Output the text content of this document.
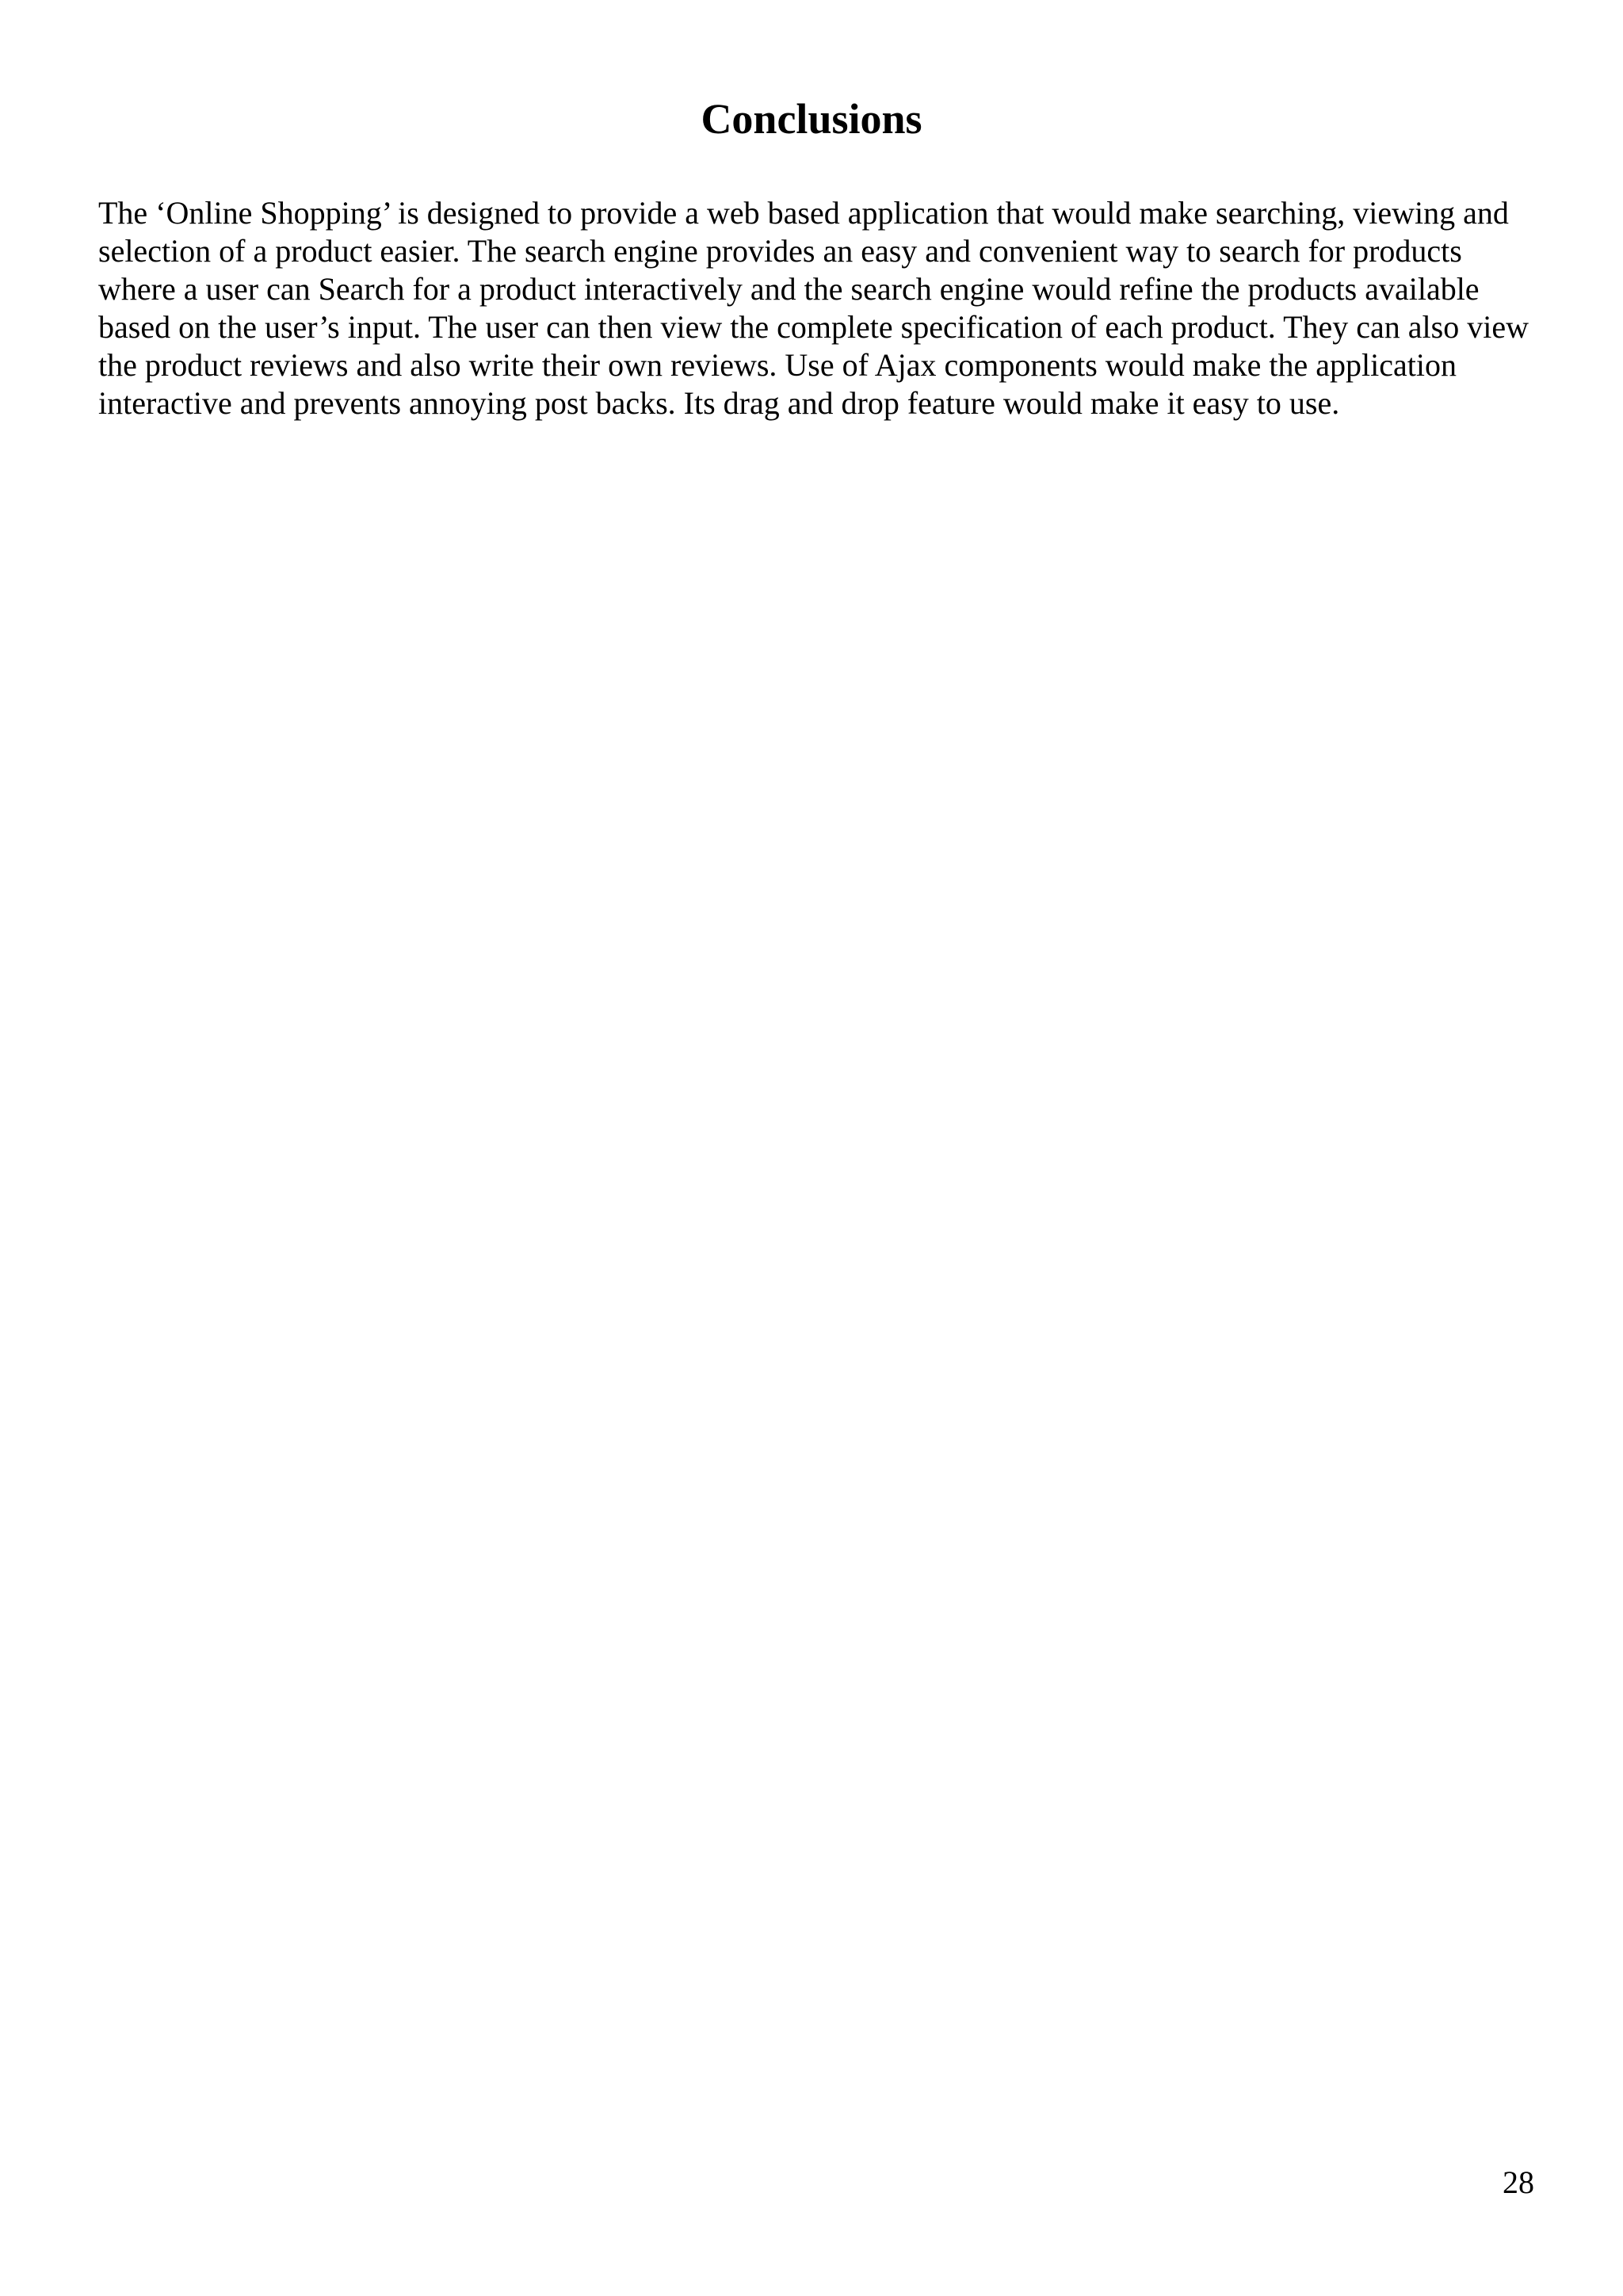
Conclusions

The ‘Online Shopping’ is designed to provide a web based application that would make searching, viewing and selection of a product easier. The search engine provides an easy and convenient way to search for products where a user can Search for a product interactively and the search engine would refine the products available based on the user’s input. The user can then view the complete specification of each product. They can also view the product reviews and also write their own reviews. Use of Ajax components would make the application interactive and prevents annoying post backs. Its drag and drop feature would make it easy to use.

28
